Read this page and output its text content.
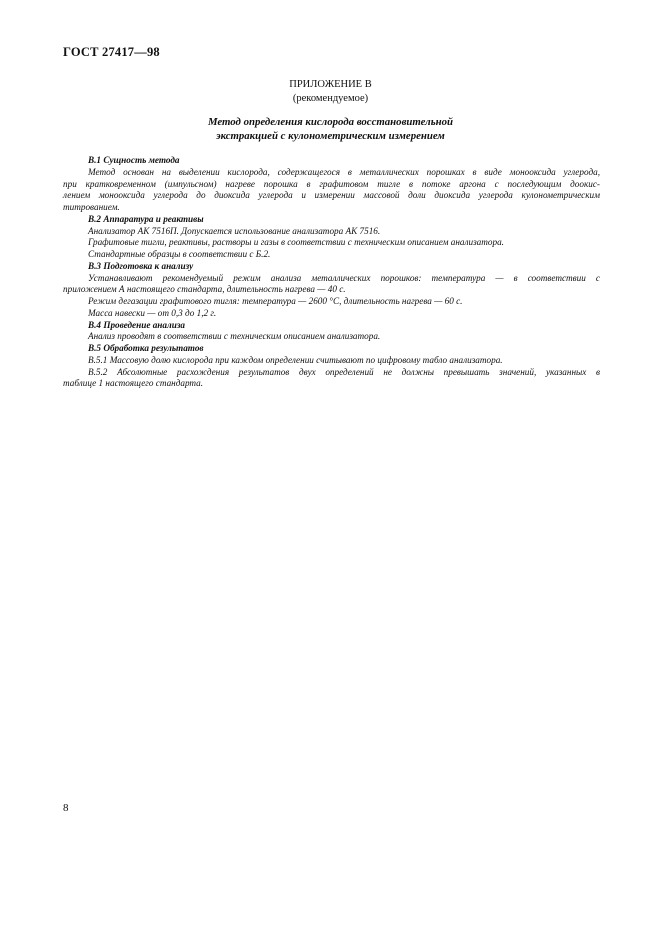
ГОСТ 27417—98
ПРИЛОЖЕНИЕ В
(рекомендуемое)
Метод определения кислорода восстановительной
экстракцией с кулонометрическим измерением
В.1 Сущность метода
Метод основан на выделении кислорода, содержащегося в металлических порошках в виде монооксида углерода,
при кратковременном (импульсном) нагреве порошка в графитовом тигле в потоке аргона с последующим доокис-
лением монооксида углерода до диоксида углерода и измерении массовой доли диоксида углерода кулонометрическим
титрованием.
В.2 Аппаратура и реактивы
Анализатор АК 7516П. Допускается использование анализатора АК 7516.
Графитовые тигли, реактивы, растворы и газы в соответствии с техническим описанием анализатора.
Стандартные образцы в соответствии с Б.2.
В.3 Подготовка к анализу
Устанавливают рекомендуемый режим анализа металлических порошков: температура — в соответствии с
приложением А настоящего стандарта, длительность нагрева — 40 с.
Режим дегазации графитового тигля: температура — 2600 °С, длительность нагрева — 60 с.
Масса навески — от 0,3 до 1,2 г.
В.4 Проведение анализа
Анализ проводят в соответствии с техническим описанием анализатора.
В.5 Обработка результатов
В.5.1 Массовую долю кислорода при каждом определении считывают по цифровому табло анализатора.
В.5.2 Абсолютные расхождения результатов двух определений не должны превышать значений, указанных в
таблице 1 настоящего стандарта.
8
